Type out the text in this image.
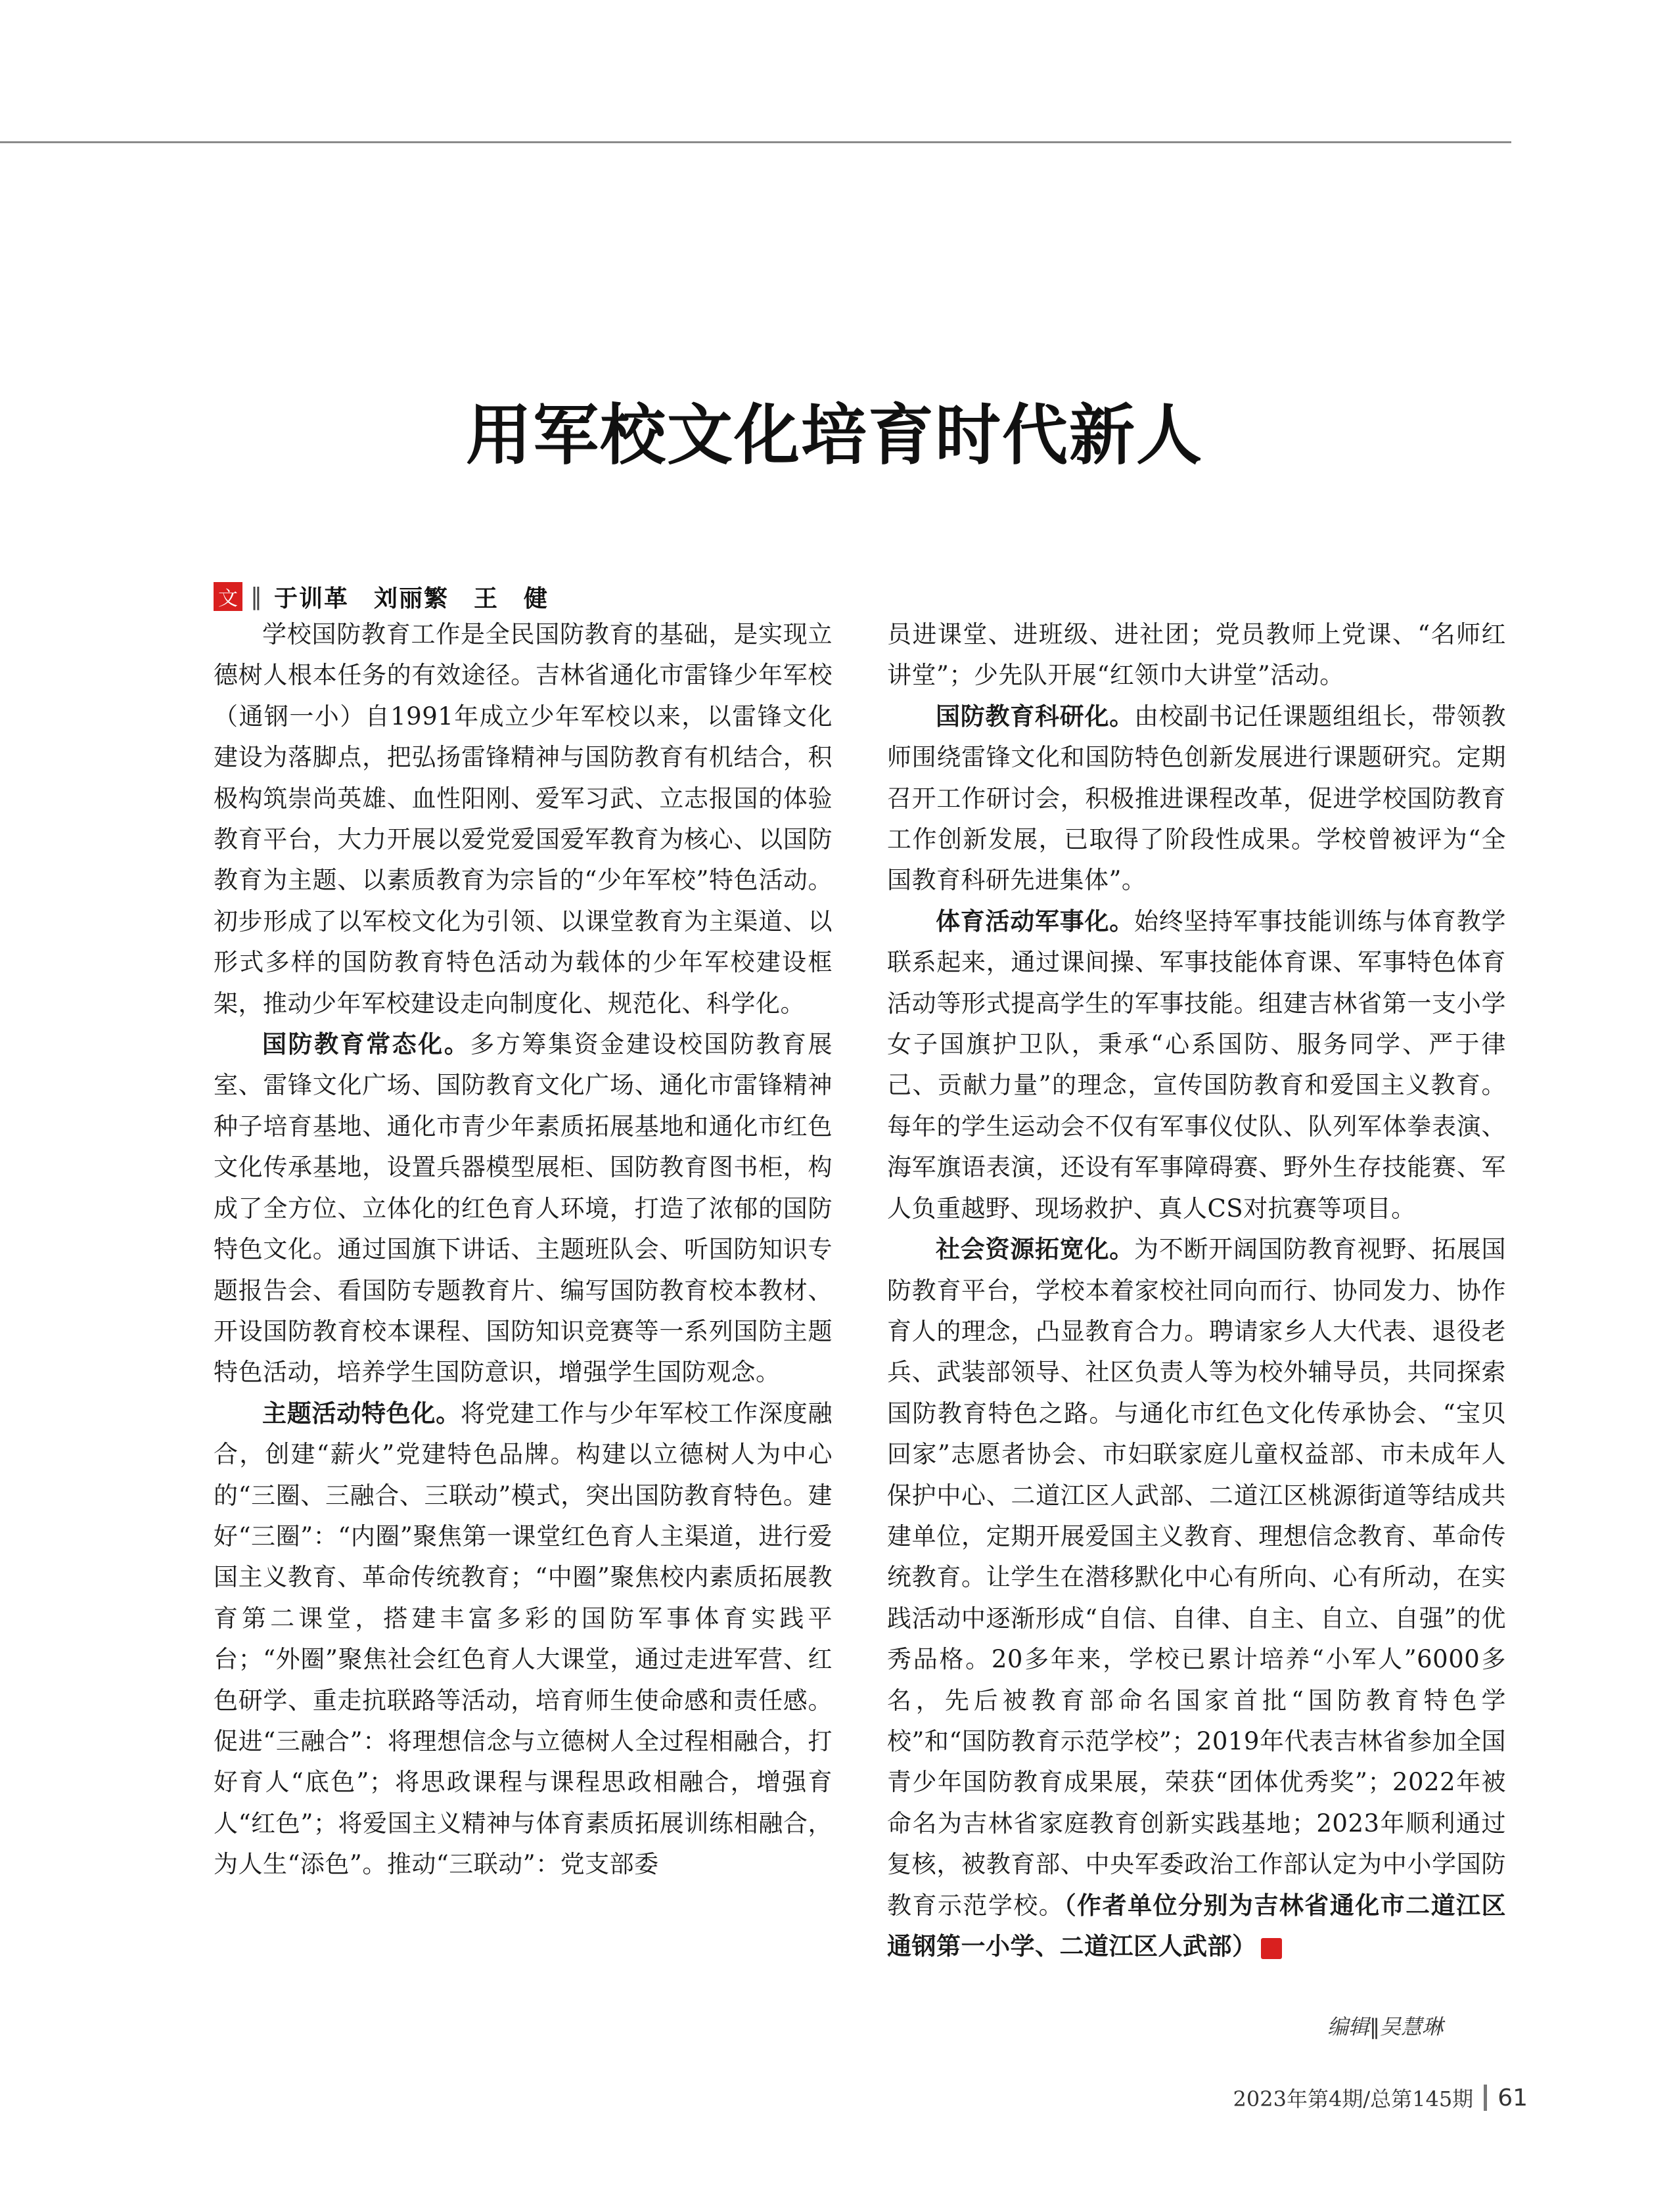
用军校文化培育时代新人
文 ‖ 于训革　刘丽繁　王　健

学校国防教育工作是全民国防教育的基础，是实现立德树人根本任务的有效途径。吉林省通化市雷锋少年军校（通钢一小）自1991年成立少年军校以来，以雷锋文化建设为落脚点，把弘扬雷锋精神与国防教育有机结合，积极构筑崇尚英雄、血性阳刚、爱军习武、立志报国的体验教育平台，大力开展以爱党爱国爱军教育为核心、以国防教育为主题、以素质教育为宗旨的“少年军校”特色活动。初步形成了以军校文化为引领、以课堂教育为主渠道、以形式多样的国防教育特色活动为载体的少年军校建设框架，推动少年军校建设走向制度化、规范化、科学化。

国防教育常态化。多方筹集资金建设校国防教育展室、雷锋文化广场、国防教育文化广场、通化市雷锋精神种子培育基地、通化市青少年素质拓展基地和通化市红色文化传承基地，设置兵器模型展柜、国防教育图书柜，构成了全方位、立体化的红色育人环境，打造了浓郁的国防特色文化。通过国旗下讲话、主题班队会、听国防知识专题报告会、看国防专题教育片、编写国防教育校本教材、开设国防教育校本课程、国防知识竞赛等一系列国防主题特色活动，培养学生国防意识，增强学生国防观念。

主题活动特色化。将党建工作与少年军校工作深度融合，创建“薪火”党建特色品牌。构建以立德树人为中心的“三圈、三融合、三联动”模式，突出国防教育特色。建好“三圈”：“内圈”聚焦第一课堂红色育人主渠道，进行爱国主义教育、革命传统教育；“中圈”聚焦校内素质拓展教育第二课堂，搭建丰富多彩的国防军事体育实践平台；“外圈”聚焦社会红色育人大课堂，通过走进军营、红色研学、重走抗联路等活动，培育师生使命感和责任感。促进“三融合”：将理想信念与立德树人全过程相融合，打好育人“底色”；将思政课程与课程思政相融合，增强育人“红色”；将爱国主义精神与体育素质拓展训练相融合，为人生“添色”。推动“三联动”：党支部委

员进课堂、进班级、进社团；党员教师上党课、“名师红讲堂”；少先队开展“红领巾大讲堂”活动。

国防教育科研化。由校副书记任课题组组长，带领教师围绕雷锋文化和国防特色创新发展进行课题研究。定期召开工作研讨会，积极推进课程改革，促进学校国防教育工作创新发展，已取得了阶段性成果。学校曾被评为“全国教育科研先进集体”。

体育活动军事化。始终坚持军事技能训练与体育教学联系起来，通过课间操、军事技能体育课、军事特色体育活动等形式提高学生的军事技能。组建吉林省第一支小学女子国旗护卫队，秉承“心系国防、服务同学、严于律己、贡献力量”的理念，宣传国防教育和爱国主义教育。每年的学生运动会不仅有军事仪仗队、队列军体拳表演、海军旗语表演，还设有军事障碍赛、野外生存技能赛、军人负重越野、现场救护、真人CS对抗赛等项目。

社会资源拓宽化。为不断开阔国防教育视野、拓展国防教育平台，学校本着家校社同向而行、协同发力、协作育人的理念，凸显教育合力。聘请家乡人大代表、退役老兵、武装部领导、社区负责人等为校外辅导员，共同探索国防教育特色之路。与通化市红色文化传承协会、“宝贝回家”志愿者协会、市妇联家庭儿童权益部、市未成年人保护中心、二道江区人武部、二道江区桃源街道等结成共建单位，定期开展爱国主义教育、理想信念教育、革命传统教育。让学生在潜移默化中心有所向、心有所动，在实践活动中逐渐形成“自信、自律、自主、自立、自强”的优秀品格。20多年来，学校已累计培养“小军人”6000多名，先后被教育部命名国家首批“国防教育特色学校”和“国防教育示范学校”；2019年代表吉林省参加全国青少年国防教育成果展，荣获“团体优秀奖”；2022年被命名为吉林省家庭教育创新实践基地；2023年顺利通过复核，被教育部、中央军委政治工作部认定为中小学国防教育示范学校。（作者单位分别为吉林省通化市二道江区通钢第一小学、二道江区人武部）	G

编辑‖吴慧琳
2023年第4期/总第145期 61
